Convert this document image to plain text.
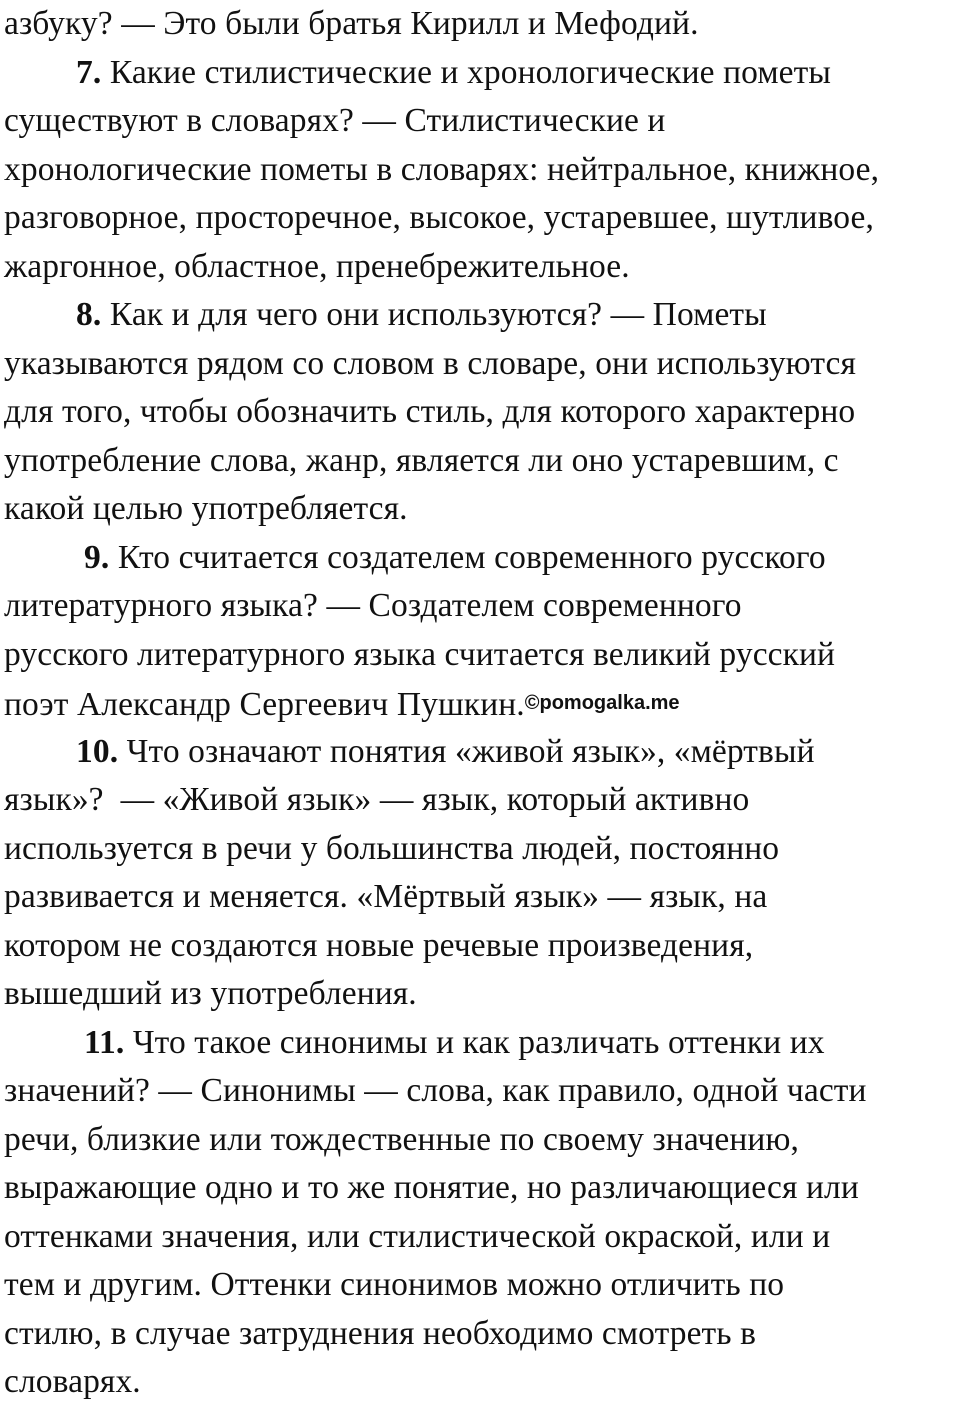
азбуку? — Это были братья Кирилл и Мефодий.
7. Какие стилистические и хронологические пометы
существуют в словарях? — Стилистические и
хронологические пометы в словарях: нейтральное, книжное,
разговорное, просторечное, высокое, устаревшее, шутливое,
жаргонное, областное, пренебрежительное.
8. Как и для чего они используются? — Пометы
указываются рядом со словом в словаре, они используются
для того, чтобы обозначить стиль, для которого характерно
употребление слова, жанр, является ли оно устаревшим, с
какой целью употребляется.
9. Кто считается создателем современного русского
литературного языка? — Создателем современного
русского литературного языка считается великий русский
поэт Александр Сергеевич Пушкин.©pomogalka.me
10. Что означают понятия «живой язык», «мёртвый
язык»?  — «Живой язык» — язык, который активно
используется в речи у большинства людей, постоянно
развивается и меняется. «Мёртвый язык» — язык, на
котором не создаются новые речевые произведения,
вышедший из употребления.
11. Что такое синонимы и как различать оттенки их
значений? — Синонимы — слова, как правило, одной части
речи, близкие или тождественные по своему значению,
выражающие одно и то же понятие, но различающиеся или
оттенками значения, или стилистической окраской, или и
тем и другим. Оттенки синонимов можно отличить по
стилю, в случае затруднения необходимо смотреть в
словарях.
